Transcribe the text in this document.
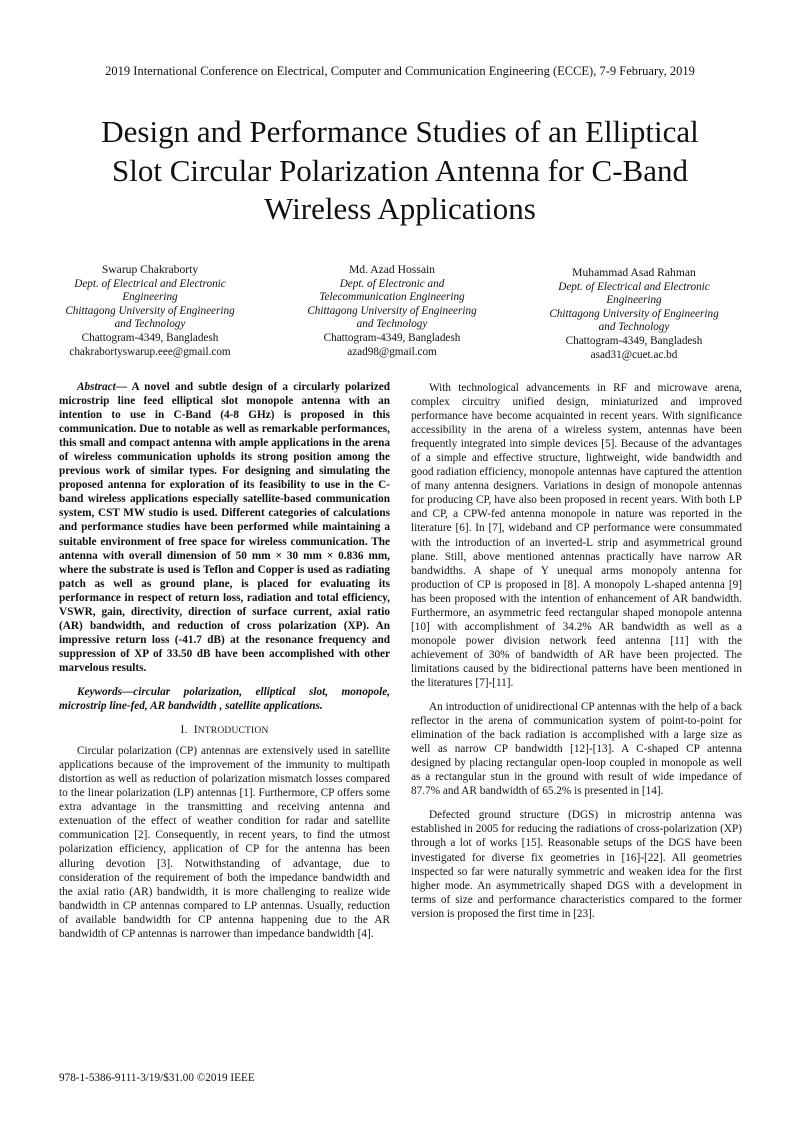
2019 International Conference on Electrical, Computer and Communication Engineering (ECCE), 7-9 February, 2019
Design and Performance Studies of an Elliptical
Slot Circular Polarization Antenna for C-Band
Wireless Applications
Swarup Chakraborty
Dept. of Electrical and Electronic
Engineering
Chittagong University of Engineering
and Technology
Chattogram-4349, Bangladesh
chakrabortyswarup.eee@gmail.com
Md. Azad Hossain
Dept. of Electronic and
Telecommunication Engineering
Chittagong University of Engineering
and Technology
Chattogram-4349, Bangladesh
azad98@gmail.com
Muhammad Asad Rahman
Dept. of Electrical and Electronic
Engineering
Chittagong University of Engineering
and Technology
Chattogram-4349, Bangladesh
asad31@cuet.ac.bd

Abstract— A novel and subtle design of a circularly polarized microstrip line feed elliptical slot monopole antenna with an intention to use in C-Band (4-8 GHz) is proposed in this communication. Due to notable as well as remarkable performances, this small and compact antenna with ample applications in the arena of wireless communication upholds its strong position among the previous work of similar types. For designing and simulating the proposed antenna for exploration of its feasibility to use in the C-band wireless applications especially satellite-based communication system, CST MW studio is used. Different categories of calculations and performance studies have been performed while maintaining a suitable environment of free space for wireless communication. The antenna with overall dimension of 50 mm × 30 mm × 0.836 mm, where the substrate is used is Teflon and Copper is used as radiating patch as well as ground plane, is placed for evaluating its performance in respect of return loss, radiation and total efficiency, VSWR, gain, directivity, direction of surface current, axial ratio (AR) bandwidth, and reduction of cross polarization (XP). An impressive return loss (-41.7 dB) at the resonance frequency and suppression of XP of 33.50 dB have been accomplished with other marvelous results.

Keywords—circular polarization, elliptical slot, monopole, microstrip line-fed, AR bandwidth , satellite applications.

I. INTRODUCTION

Circular polarization (CP) antennas are extensively used in satellite applications because of the improvement of the immunity to multipath distortion as well as reduction of polarization mismatch losses compared to the linear polarization (LP) antennas [1]. Furthermore, CP offers some extra advantage in the transmitting and receiving antenna and extenuation of the effect of weather condition for radar and satellite communication [2]. Consequently, in recent years, to find the utmost polarization efficiency, application of CP for the antenna has been alluring devotion [3]. Notwithstanding of advantage, due to consideration of the requirement of both the impedance bandwidth and the axial ratio (AR) bandwidth, it is more challenging to realize wide bandwidth in CP antennas compared to LP antennas. Usually, reduction of available bandwidth for CP antenna happening due to the AR bandwidth of CP antennas is narrower than impedance bandwidth [4].

With technological advancements in RF and microwave arena, complex circuitry unified design, miniaturized and improved performance have become acquainted in recent years. With significance accessibility in the arena of a wireless system, antennas have been frequently integrated into simple devices [5]. Because of the advantages of a simple and effective structure, lightweight, wide bandwidth and good radiation efficiency, monopole antennas have captured the attention of many antenna designers. Variations in design of monopole antennas for producing CP, have also been proposed in recent years. With both LP and CP, a CPW-fed antenna monopole in nature was reported in the literature [6]. In [7], wideband and CP performance were consummated with the introduction of an inverted-L strip and asymmetrical ground plane. Still, above mentioned antennas practically have narrow AR bandwidths. A shape of Y unequal arms monopoly antenna for production of CP is proposed in [8]. A monopoly L-shaped antenna [9] has been proposed with the intention of enhancement of AR bandwidth. Furthermore, an asymmetric feed rectangular shaped monopole antenna [10] with accomplishment of 34.2% AR bandwidth as well as a monopole power division network feed antenna [11] with the achievement of 30% of bandwidth of AR have been projected. The limitations caused by the bidirectional patterns have been mentioned in the literatures [7]-[11].

An introduction of unidirectional CP antennas with the help of a back reflector in the arena of communication system of point-to-point for elimination of the back radiation is accomplished with a large size as well as narrow CP bandwidth [12]-[13]. A C-shaped CP antenna designed by placing rectangular open-loop coupled in monopole as well as a rectangular stun in the ground with result of wide impedance of 87.7% and AR bandwidth of 65.2% is presented in [14].

Defected ground structure (DGS) in microstrip antenna was established in 2005 for reducing the radiations of cross-polarization (XP) through a lot of works [15]. Reasonable setups of the DGS have been investigated for diverse fix geometries in [16]-[22]. All geometries inspected so far were naturally symmetric and weaken idea for the first higher mode. An asymmetrically shaped DGS with a development in terms of size and performance characteristics compared to the former version is proposed the first time in [23].

978-1-5386-9111-3/19/$31.00 ©2019 IEEE
